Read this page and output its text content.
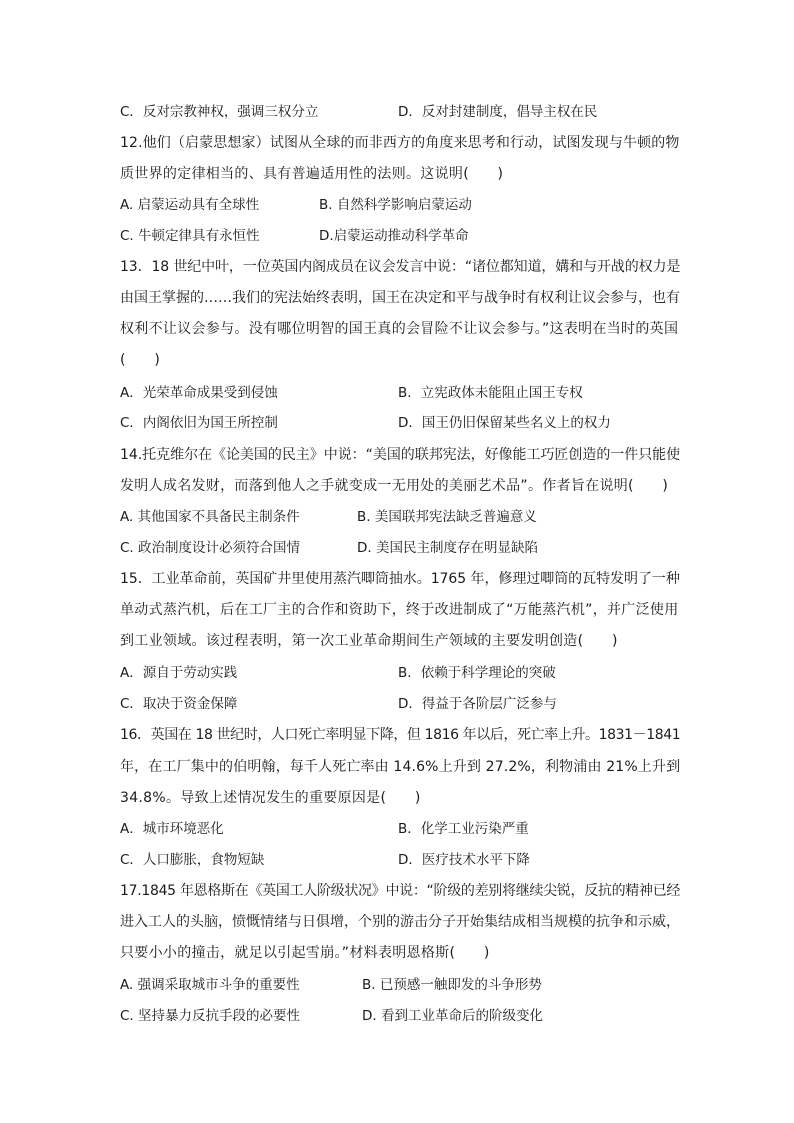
C．反对宗教神权，强调三权分立	D．反对封建制度，倡导主权在民
12.他们（启蒙思想家）试图从全球的而非西方的角度来思考和行动，试图发现与牛顿的物
质世界的定律相当的、具有普遍适用性的法则。这说明(　　)
A. 启蒙运动具有全球性	B. 自然科学影响启蒙运动
C. 牛顿定律具有永恒性	D.启蒙运动推动科学革命
13．18 世纪中叶，一位英国内阁成员在议会发言中说：“诸位都知道，媾和与开战的权力是
由国王掌握的……我们的宪法始终表明，国王在决定和平与战争时有权利让议会参与，也有
权利不让议会参与。没有哪位明智的国王真的会冒险不让议会参与。”这表明在当时的英国
(　　)
A．光荣革命成果受到侵蚀	B．立宪政体未能阻止国王专权
C．内阁依旧为国王所控制	D．国王仍旧保留某些名义上的权力
14.托克维尔在《论美国的民主》中说：“美国的联邦宪法，好像能工巧匠创造的一件只能使
发明人成名发财，而落到他人之手就变成一无用处的美丽艺术品”。作者旨在说明(　　)
A. 其他国家不具备民主制条件	B. 美国联邦宪法缺乏普遍意义
C. 政治制度设计必须符合国情	D. 美国民主制度存在明显缺陷
15．工业革命前，英国矿井里使用蒸汽唧筒抽水。1765 年，修理过唧筒的瓦特发明了一种
单动式蒸汽机，后在工厂主的合作和资助下，终于改进制成了“万能蒸汽机”，并广泛使用
到工业领域。该过程表明，第一次工业革命期间生产领域的主要发明创造(　　)
A．源自于劳动实践	B．依赖于科学理论的突破
C．取决于资金保障	D．得益于各阶层广泛参与
16．英国在 18 世纪时，人口死亡率明显下降，但 1816 年以后，死亡率上升。1831－1841
年，在工厂集中的伯明翰，每千人死亡率由 14.6%上升到 27.2%，利物浦由 21%上升到
34.8%。导致上述情况发生的重要原因是(　　)
A．城市环境恶化	B．化学工业污染严重
C．人口膨胀，食物短缺	D．医疗技术水平下降
17.1845 年恩格斯在《英国工人阶级状况》中说：“阶级的差别将继续尖锐，反抗的精神已经
进入工人的头脑，愤慨情绪与日俱增，个别的游击分子开始集结成相当规模的抗争和示威，
只要小小的撞击，就足以引起雪崩。”材料表明恩格斯(　　)
A. 强调采取城市斗争的重要性	B. 已预感一触即发的斗争形势
C. 坚持暴力反抗手段的必要性	D. 看到工业革命后的阶级变化
